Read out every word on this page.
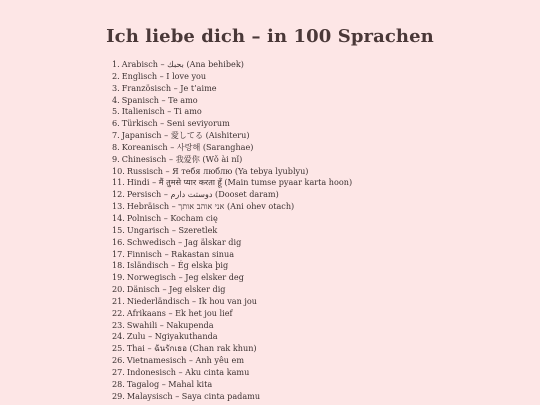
Ich liebe dich – in 100 Sprachen
1. Arabisch – بحبك (Ana behibek)
2. Englisch – I love you
3. Französisch – Je t’aime
4. Spanisch – Te amo
5. Italienisch – Ti amo
6. Türkisch – Seni seviyorum
7. Japanisch – 愛してる (Aishiteru)
8. Koreanisch – 사랑해 (Saranghae)
9. Chinesisch – 我爱你 (Wǒ ài nǐ)
10. Russisch – Я тебя люблю (Ya tebya lyublyu)
11. Hindi – मैं तुमसे प्यार करता हूँ (Main tumse pyaar karta hoon)
12. Persisch – دوستت دارم (Dooset daram)
13. Hebräisch – אני אוהב אותך (Ani ohev otach)
14. Polnisch – Kocham cię
15. Ungarisch – Szeretlek
16. Schwedisch – Jag älskar dig
17. Finnisch – Rakastan sinua
18. Isländisch – Ég elska þig
19. Norwegisch – Jeg elsker deg
20. Dänisch – Jeg elsker dig
21. Niederländisch – Ik hou van jou
22. Afrikaans – Ek het jou lief
23. Swahili – Nakupenda
24. Zulu – Ngiyakuthanda
25. Thai – ฉันรักเธอ (Chan rak khun)
26. Vietnamesisch – Anh yêu em
27. Indonesisch – Aku cinta kamu
28. Tagalog – Mahal kita
29. Malaysisch – Saya cinta padamu
